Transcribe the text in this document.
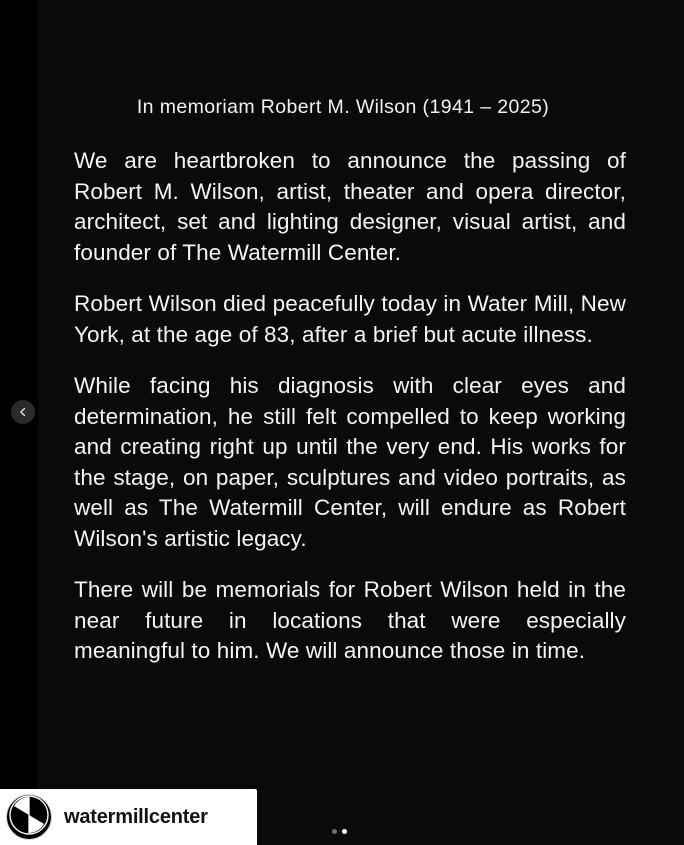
In memoriam Robert M. Wilson (1941 – 2025)

We are heartbroken to announce the passing of Robert M. Wilson, artist, theater and opera director, architect, set and lighting designer, visual artist, and founder of The Watermill Center.

Robert Wilson died peacefully today in Water Mill, New York, at the age of 83, after a brief but acute illness.

While facing his diagnosis with clear eyes and determination, he still felt compelled to keep working and creating right up until the very end. His works for the stage, on paper, sculptures and video portraits, as well as The Watermill Center, will endure as Robert Wilson's artistic legacy.

There will be memorials for Robert Wilson held in the near future in locations that were especially meaningful to him. We will announce those in time.

watermillcenter
